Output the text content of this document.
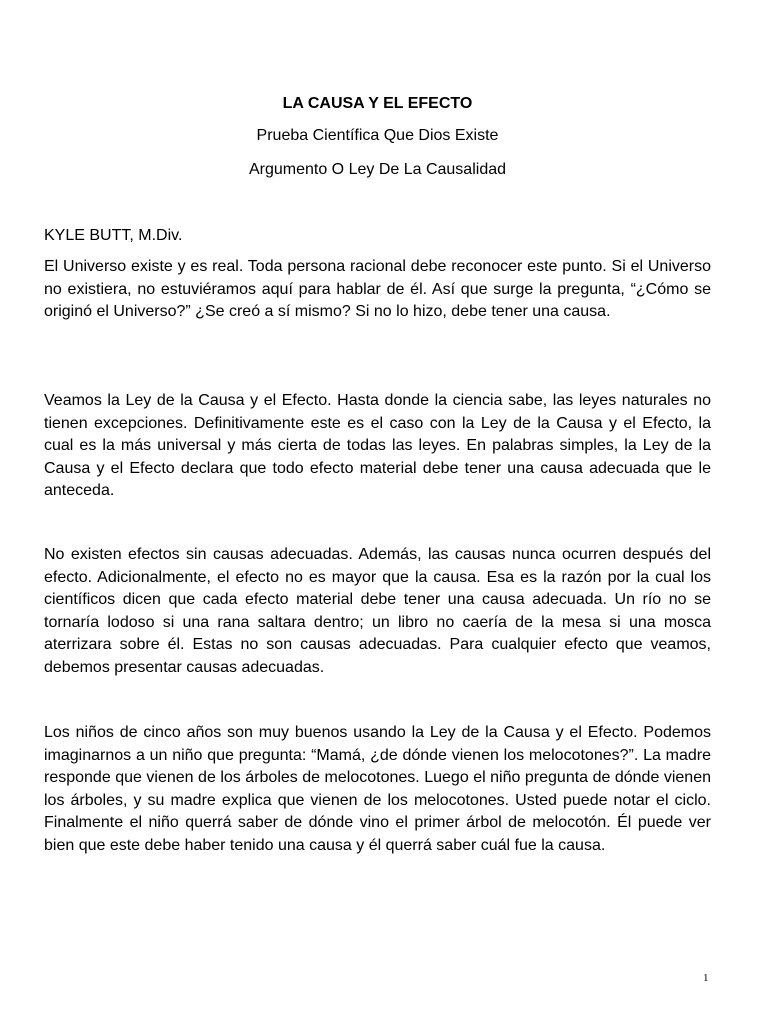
LA CAUSA Y EL EFECTO
Prueba Científica Que Dios Existe
Argumento O Ley De La Causalidad
KYLE BUTT, M.Div.

El Universo existe y es real. Toda persona racional debe reconocer este punto. Si el Universo no existiera, no estuviéramos aquí para hablar de él. Así que surge la pregunta, “¿Cómo se originó el Universo?” ¿Se creó a sí mismo? Si no lo hizo, debe tener una causa.

Veamos la Ley de la Causa y el Efecto. Hasta donde la ciencia sabe, las leyes naturales no tienen excepciones. Definitivamente este es el caso con la Ley de la Causa y el Efecto, la cual es la más universal y más cierta de todas las leyes. En palabras simples, la Ley de la Causa y el Efecto declara que todo efecto material debe tener una causa adecuada que le anteceda.

No existen efectos sin causas adecuadas. Además, las causas nunca ocurren después del efecto. Adicionalmente, el efecto no es mayor que la causa. Esa es la razón por la cual los científicos dicen que cada efecto material debe tener una causa adecuada. Un río no se tornaría lodoso si una rana saltara dentro; un libro no caería de la mesa si una mosca aterrizara sobre él. Estas no son causas adecuadas. Para cualquier efecto que veamos, debemos presentar causas adecuadas.

Los niños de cinco años son muy buenos usando la Ley de la Causa y el Efecto. Podemos imaginarnos a un niño que pregunta: “Mamá, ¿de dónde vienen los melocotones?”. La madre responde que vienen de los árboles de melocotones. Luego el niño pregunta de dónde vienen los árboles, y su madre explica que vienen de los melocotones. Usted puede notar el ciclo. Finalmente el niño querrá saber de dónde vino el primer árbol de melocotón. Él puede ver bien que este debe haber tenido una causa y él querrá saber cuál fue la causa.

1
